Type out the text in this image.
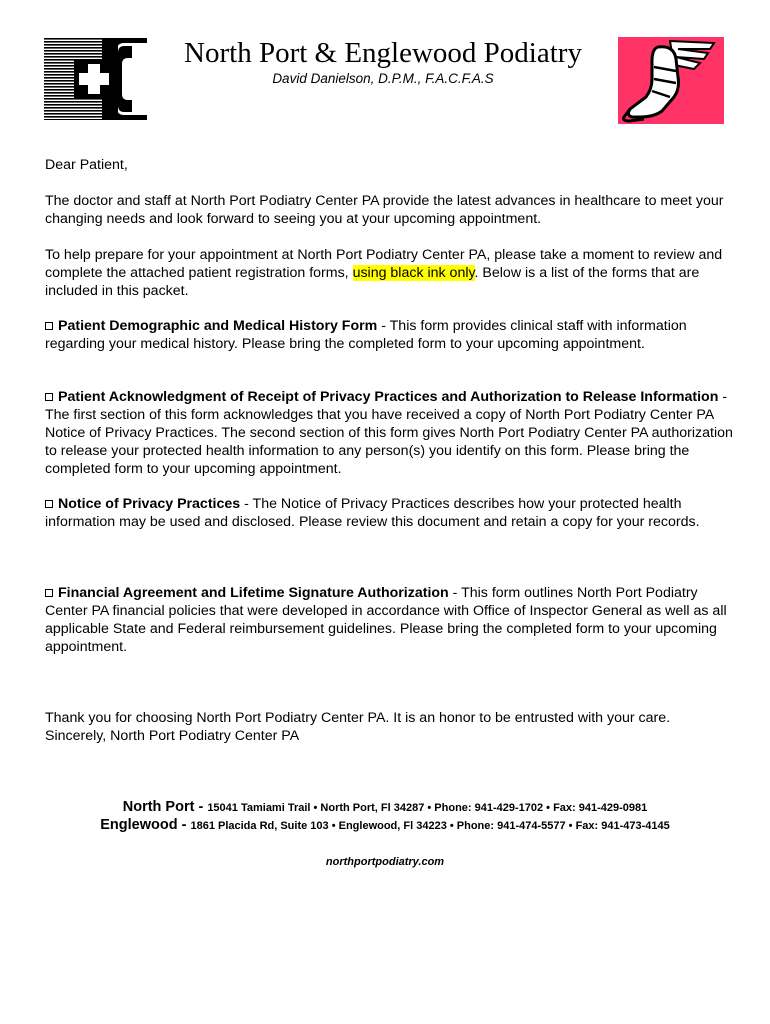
North Port & Englewood Podiatry
David Danielson, D.P.M., F.A.C.F.A.S

Dear Patient,

The doctor and staff at North Port Podiatry Center PA provide the latest advances in healthcare to meet your changing needs and look forward to seeing you at your upcoming appointment.

To help prepare for your appointment at North Port Podiatry Center PA, please take a moment to review and complete the attached patient registration forms, using black ink only. Below is a list of the forms that are included in this packet.

Patient Demographic and Medical History Form - This form provides clinical staff with information regarding your medical history. Please bring the completed form to your upcoming appointment.

Patient Acknowledgment of Receipt of Privacy Practices and Authorization to Release Information - The first section of this form acknowledges that you have received a copy of North Port Podiatry Center PA Notice of Privacy Practices. The second section of this form gives North Port Podiatry Center PA authorization to release your protected health information to any person(s) you identify on this form. Please bring the completed form to your upcoming appointment.

Notice of Privacy Practices - The Notice of Privacy Practices describes how your protected health information may be used and disclosed. Please review this document and retain a copy for your records.

Financial Agreement and Lifetime Signature Authorization - This form outlines North Port Podiatry Center PA financial policies that were developed in accordance with Office of Inspector General as well as all applicable State and Federal reimbursement guidelines. Please bring the completed form to your upcoming appointment.

Thank you for choosing North Port Podiatry Center PA. It is an honor to be entrusted with your care.

Sincerely, North Port Podiatry Center PA

North Port - 15041 Tamiami Trail • North Port, Fl 34287 • Phone: 941-429-1702 • Fax: 941-429-0981
Englewood - 1861 Placida Rd, Suite 103 • Englewood, Fl 34223 • Phone: 941-474-5577 • Fax: 941-473-4145
northportpodiatry.com
